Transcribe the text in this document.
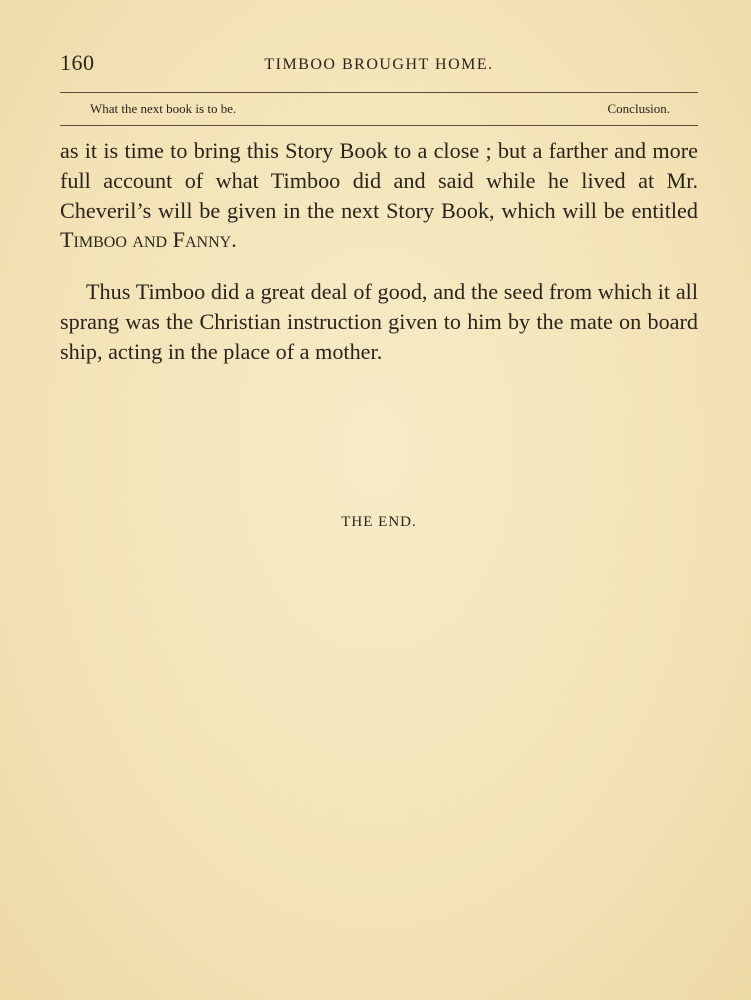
160	TIMBOO BROUGHT HOME.
What the next book is to be.	Conclusion.

as it is time to bring this Story Book to a close ; but a farther and more full account of what Timboo did and said while he lived at Mr. Cheveril’s will be given in the next Story Book, which will be entitled Timboo and Fanny.

Thus Timboo did a great deal of good, and the seed from which it all sprang was the Christian instruction given to him by the mate on board ship, acting in the place of a mother.

THE END.
